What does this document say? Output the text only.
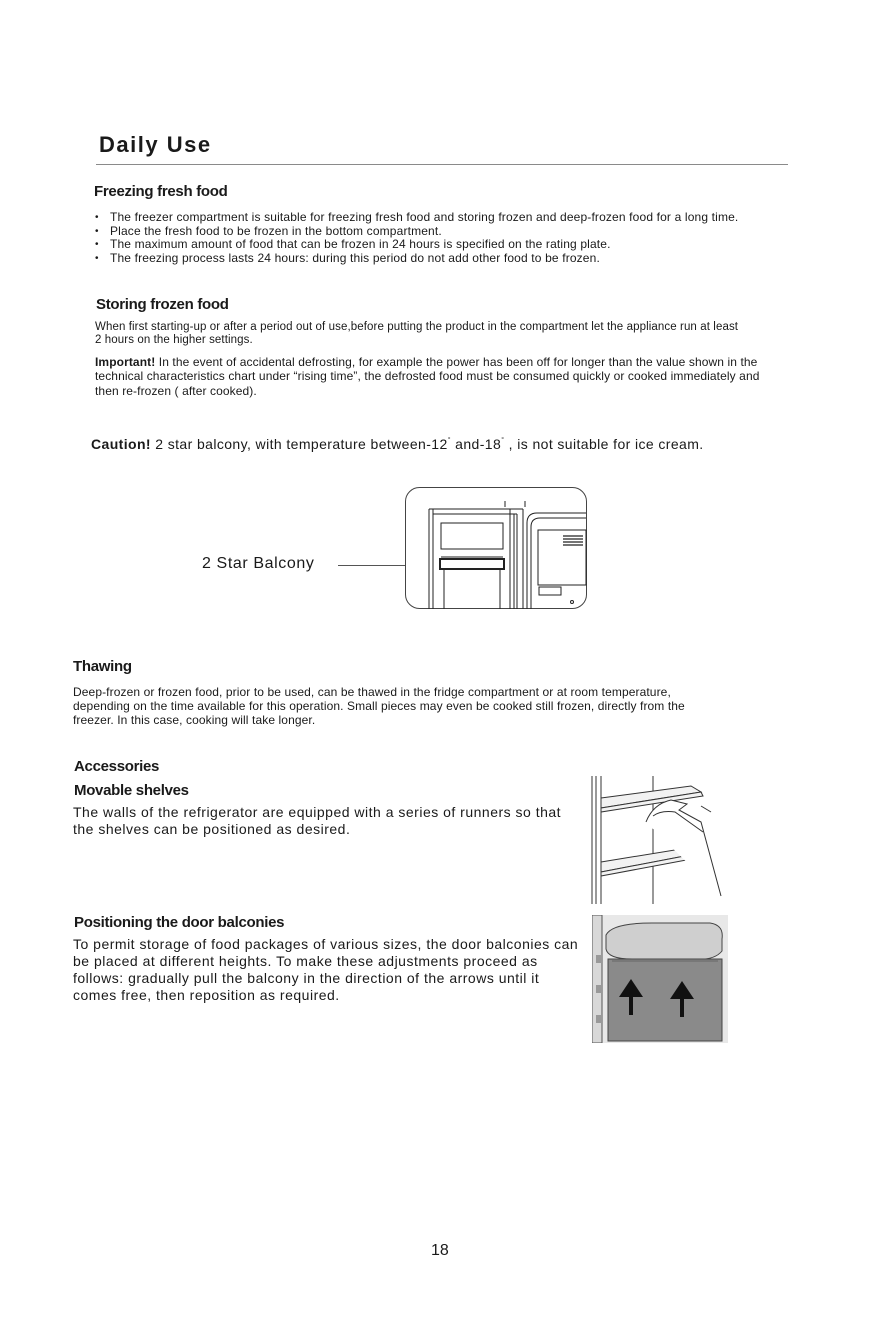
Daily Use
Freezing fresh food
• The freezer compartment is suitable for freezing fresh food and storing frozen and deep-frozen food for a long time.
• Place the fresh food to be frozen in the bottom compartment.
• The maximum amount of food that can be frozen in 24 hours is specified on the rating plate.
• The freezing process lasts 24 hours: during this period do not add other food to be frozen.
Storing frozen food

When first starting-up or after a period out of use,before putting the product in the compartment let the appliance run at least 2 hours on the higher settings.

Important! In the event of accidental defrosting, for example the power has been off for longer than the value shown in the technical characteristics chart under “rising time”, the defrosted food must be consumed quickly or cooked immediately and then re-frozen ( after cooked).

Caution! 2 star balcony, with temperature between-12° and-18° , is not suitable for ice cream.
2 Star Balcony
Thawing

Deep-frozen or frozen food, prior to be used, can be thawed in the fridge compartment or at room temperature, depending on the time available for this operation. Small pieces may even be cooked still frozen, directly from the freezer. In this case, cooking will take longer.

Accessories
Movable shelves

The walls of the refrigerator are equipped with a series of runners so that the shelves can be positioned as desired.

Positioning the door balconies

To permit storage of food packages of various sizes, the door balconies can be placed at different heights. To make these adjustments proceed as follows: gradually pull the balcony in the direction of the arrows until it comes free, then reposition as required.

18
